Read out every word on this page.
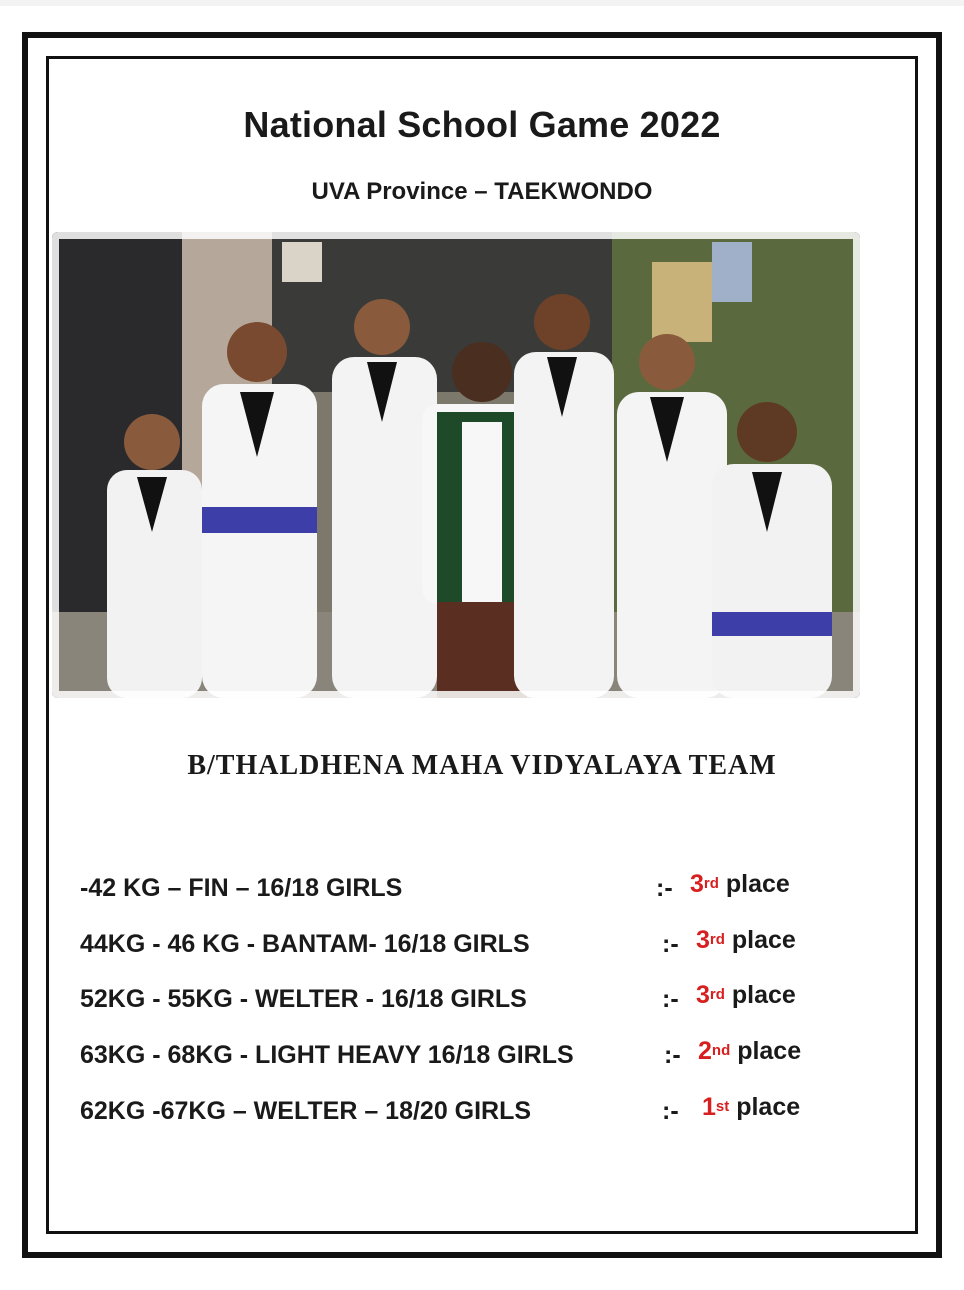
National School Game 2022
UVA Province – TAEKWONDO
B/THALDHENA MAHA VIDYALAYA TEAM
-42 KG – FIN – 16/18 GIRLS	:- 3rd place
44KG - 46 KG - BANTAM- 16/18 GIRLS	:- 3rd place
52KG - 55KG - WELTER - 16/18 GIRLS	:- 3rd place
63KG - 68KG - LIGHT HEAVY 16/18 GIRLS	:- 2nd place
62KG -67KG – WELTER – 18/20 GIRLS	:- 1st place
